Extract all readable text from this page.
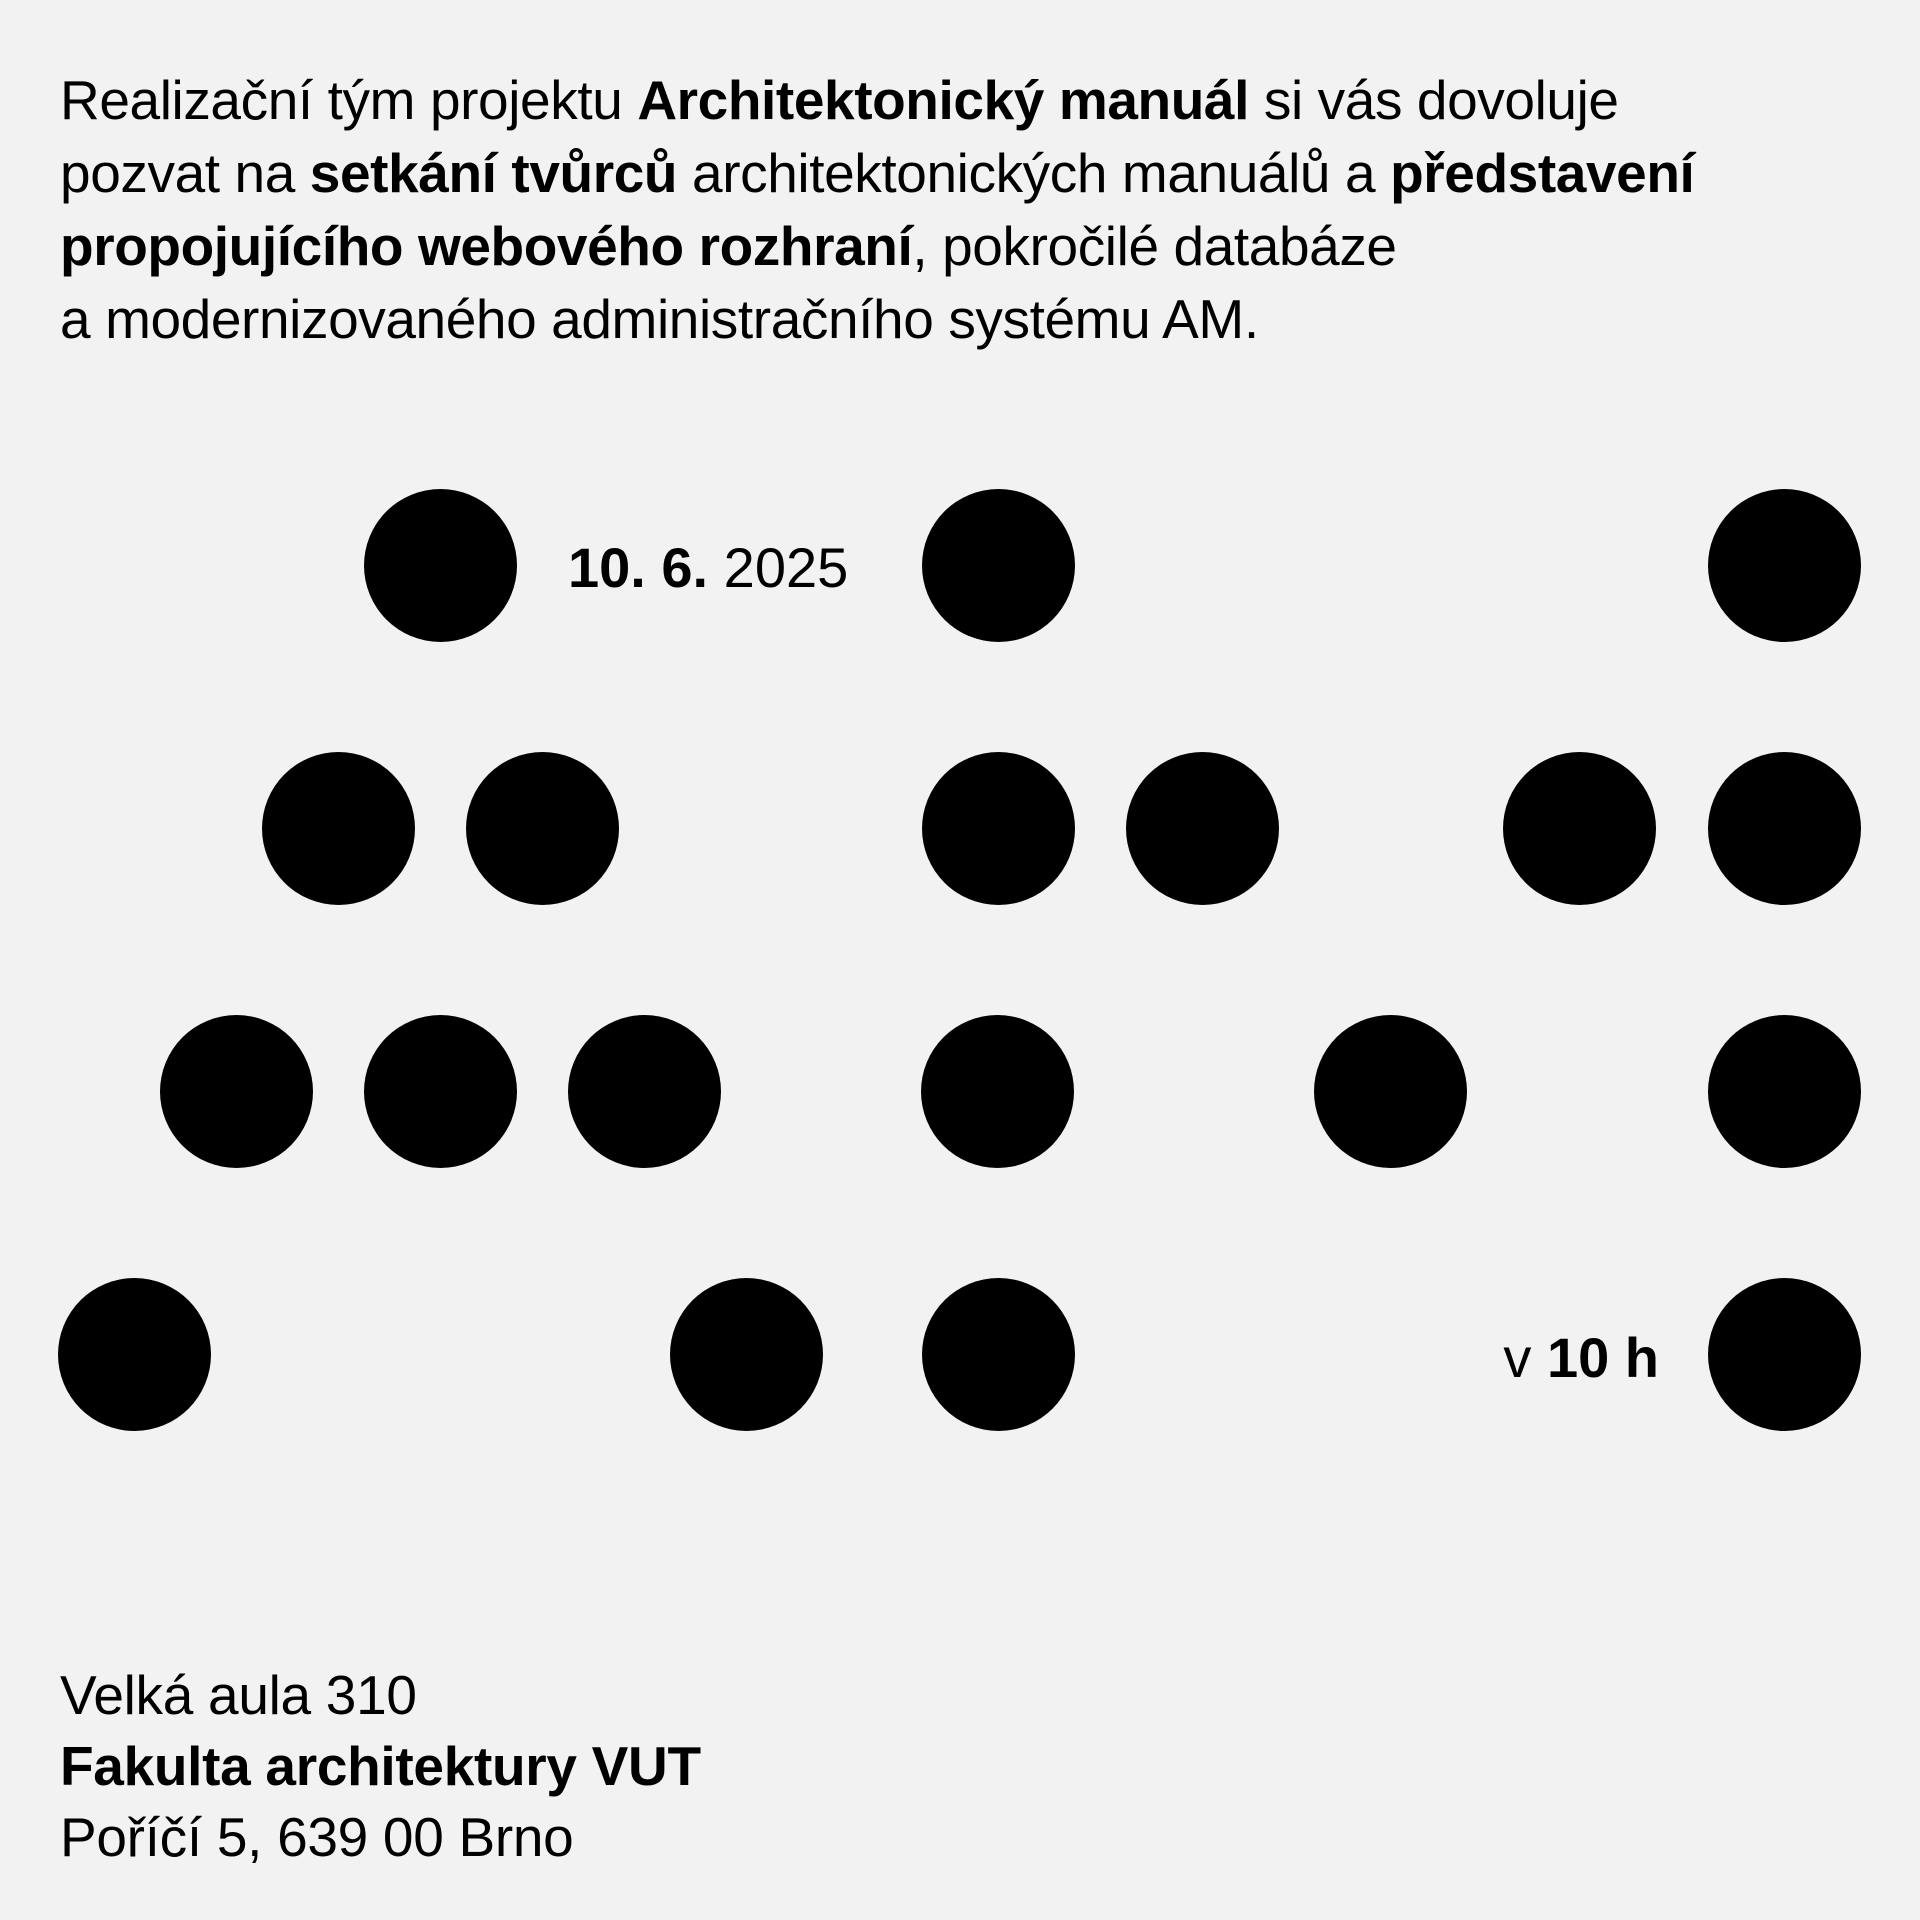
Realizační tým projektu Architektonický manuál si vás dovoluje
pozvat na setkání tvůrců architektonických manuálů a představení
propojujícího webového rozhraní, pokročilé databáze
a modernizovaného administračního systému AM.

10. 6. 2025
v 10 h
Velká aula 310
Fakulta architektury VUT
Poříčí 5, 639 00 Brno
